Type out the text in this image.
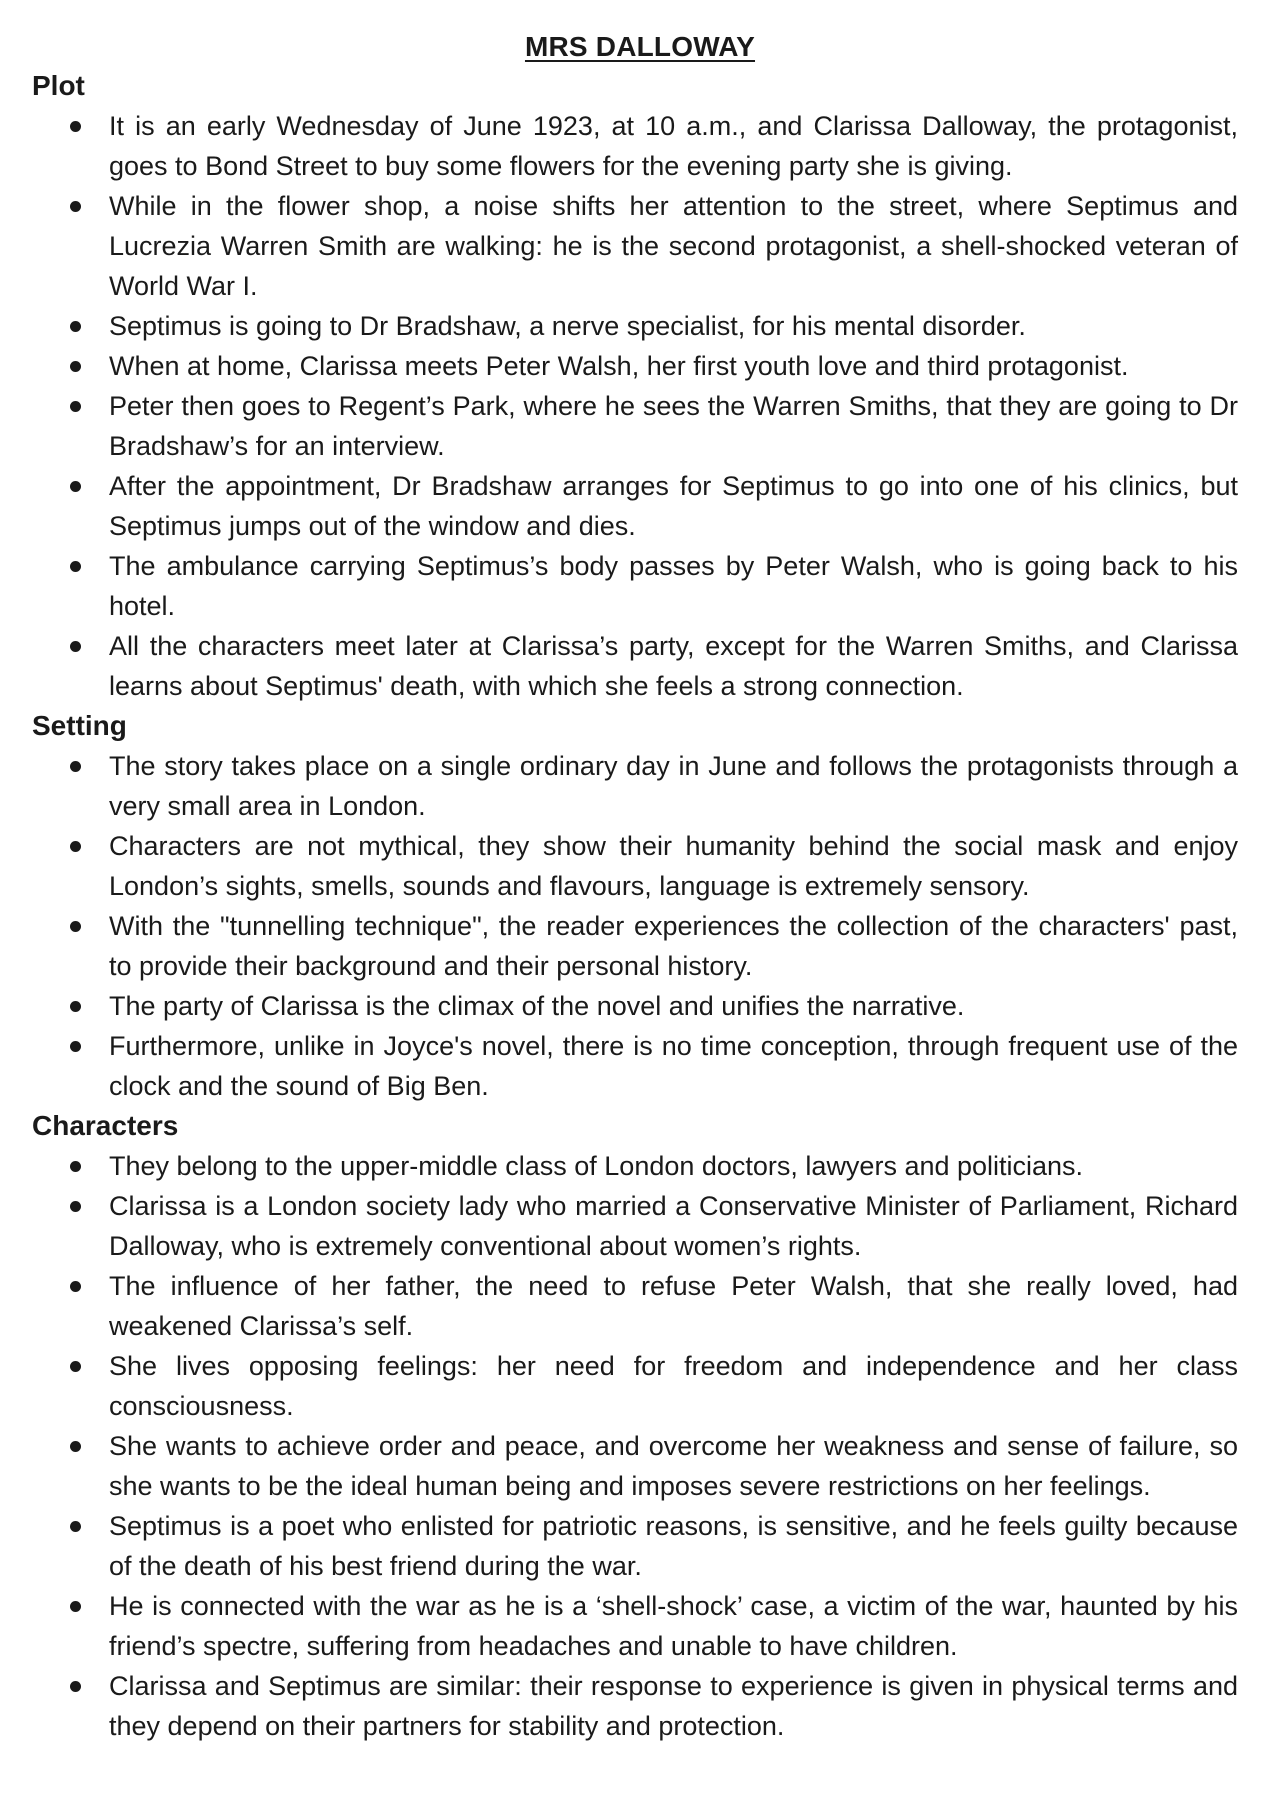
MRS DALLOWAY
Plot
It is an early Wednesday of June 1923, at 10 a.m., and Clarissa Dalloway, the protagonist, goes to Bond Street to buy some flowers for the evening party she is giving.
While in the flower shop, a noise shifts her attention to the street, where Septimus and Lucrezia Warren Smith are walking: he is the second protagonist, a shell-shocked veteran of World War I.
Septimus is going to Dr Bradshaw, a nerve specialist, for his mental disorder.
When at home, Clarissa meets Peter Walsh, her first youth love and third protagonist.
Peter then goes to Regent’s Park, where he sees the Warren Smiths, that they are going to Dr Bradshaw’s for an interview.
After the appointment, Dr Bradshaw arranges for Septimus to go into one of his clinics, but Septimus jumps out of the window and dies.
The ambulance carrying Septimus’s body passes by Peter Walsh, who is going back to his hotel.
All the characters meet later at Clarissa’s party, except for the Warren Smiths, and Clarissa learns about Septimus' death, with which she feels a strong connection.
Setting
The story takes place on a single ordinary day in June and follows the protagonists through a very small area in London.
Characters are not mythical, they show their humanity behind the social mask and enjoy London’s sights, smells, sounds and flavours, language is extremely sensory.
With the "tunnelling technique", the reader experiences the collection of the characters' past, to provide their background and their personal history.
The party of Clarissa is the climax of the novel and unifies the narrative.
Furthermore, unlike in Joyce's novel, there is no time conception, through frequent use of the clock and the sound of Big Ben.
Characters
They belong to the upper-middle class of London doctors, lawyers and politicians.
Clarissa is a London society lady who married a Conservative Minister of Parliament, Richard Dalloway, who is extremely conventional about women’s rights.
The influence of her father, the need to refuse Peter Walsh, that she really loved, had weakened Clarissa’s self.
She lives opposing feelings: her need for freedom and independence and her class consciousness.
She wants to achieve order and peace, and overcome her weakness and sense of failure, so she wants to be the ideal human being and imposes severe restrictions on her feelings.
Septimus is a poet who enlisted for patriotic reasons, is sensitive, and he feels guilty because of the death of his best friend during the war.
He is connected with the war as he is a ‘shell-shock’ case, a victim of the war, haunted by his friend’s spectre, suffering from headaches and unable to have children.
Clarissa and Septimus are similar: their response to experience is given in physical terms and they depend on their partners for stability and protection.
